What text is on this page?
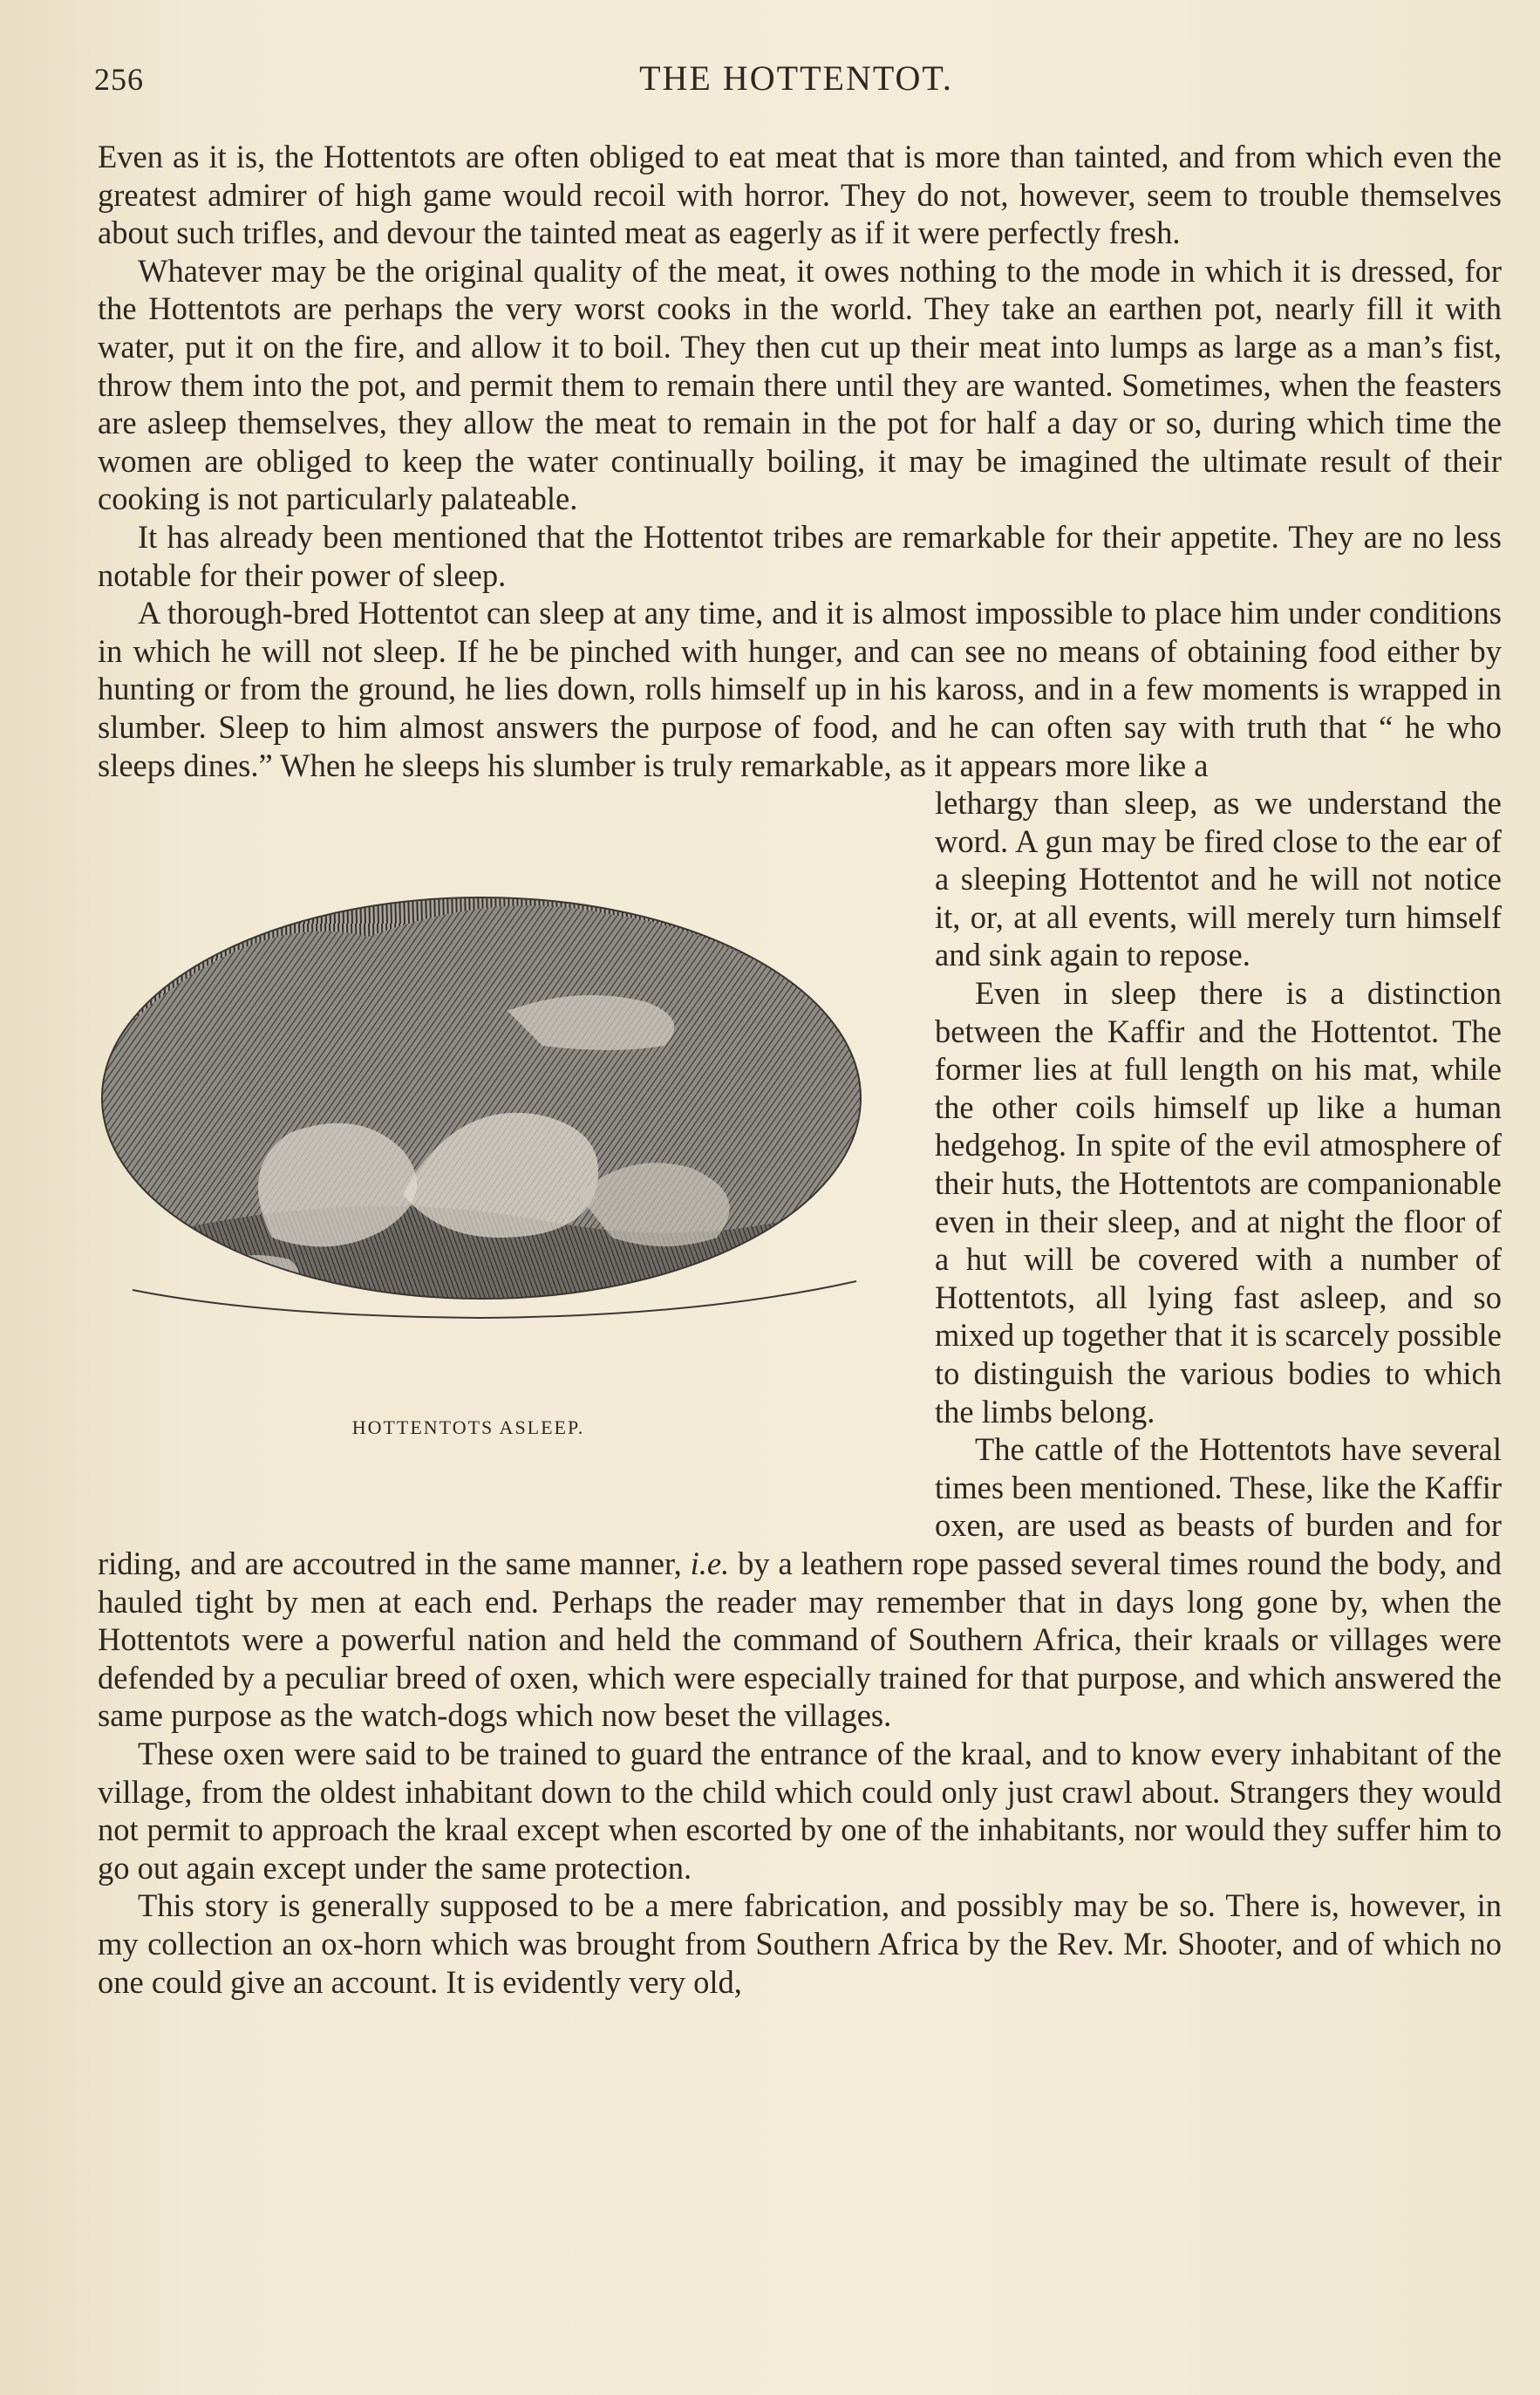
256	THE HOTTENTOT.

Even as it is, the Hottentots are often obliged to eat meat that is more than tainted, and from which even the greatest admirer of high game would recoil with horror. They do not, however, seem to trouble themselves about such trifles, and devour the tainted meat as eagerly as if it were perfectly fresh.

Whatever may be the original quality of the meat, it owes nothing to the mode in which it is dressed, for the Hottentots are perhaps the very worst cooks in the world. They take an earthen pot, nearly fill it with water, put it on the fire, and allow it to boil. They then cut up their meat into lumps as large as a man’s fist, throw them into the pot, and permit them to remain there until they are wanted. Sometimes, when the feasters are asleep themselves, they allow the meat to remain in the pot for half a day or so, during which time the women are obliged to keep the water continually boiling, it may be imagined the ultimate result of their cooking is not particularly palateable.

It has already been mentioned that the Hottentot tribes are remarkable for their appetite. They are no less notable for their power of sleep.

A thorough-bred Hottentot can sleep at any time, and it is almost impossible to place him under conditions in which he will not sleep. If he be pinched with hunger, and can see no means of obtaining food either by hunting or from the ground, he lies down, rolls himself up in his kaross, and in a few moments is wrapped in slumber. Sleep to him almost answers the purpose of food, and he can often say with truth that “ he who sleeps dines.” When he sleeps his slumber is truly remarkable, as it appears more like a

HOTTENTOTS ASLEEP.

lethargy than sleep, as we understand the word. A gun may be fired close to the ear of a sleeping Hottentot and he will not notice it, or, at all events, will merely turn himself and sink again to repose.

Even in sleep there is a distinction between the Kaffir and the Hottentot. The former lies at full length on his mat, while the other coils himself up like a human hedgehog. In spite of the evil atmosphere of their huts, the Hottentots are companionable even in their sleep, and at night the floor of a hut will be covered with a number of Hottentots, all lying fast asleep, and so mixed up together that it is scarcely possible to distinguish the various bodies to which the limbs belong.

The cattle of the Hottentots have several times been mentioned. These, like the Kaffir oxen, are used as beasts of burden and for riding, and are accoutred in the same manner, i.e. by a leathern rope passed several times round the body, and hauled tight by men at each end. Perhaps the reader may remember that in days long gone by, when the Hottentots were a powerful nation and held the command of Southern Africa, their kraals or villages were defended by a peculiar breed of oxen, which were especially trained for that purpose, and which answered the same purpose as the watch-dogs which now beset the villages.

These oxen were said to be trained to guard the entrance of the kraal, and to know every inhabitant of the village, from the oldest inhabitant down to the child which could only just crawl about. Strangers they would not permit to approach the kraal except when escorted by one of the inhabitants, nor would they suffer him to go out again except under the same protection.

This story is generally supposed to be a mere fabrication, and possibly may be so. There is, however, in my collection an ox-horn which was brought from Southern Africa by the Rev. Mr. Shooter, and of which no one could give an account. It is evidently very old,
